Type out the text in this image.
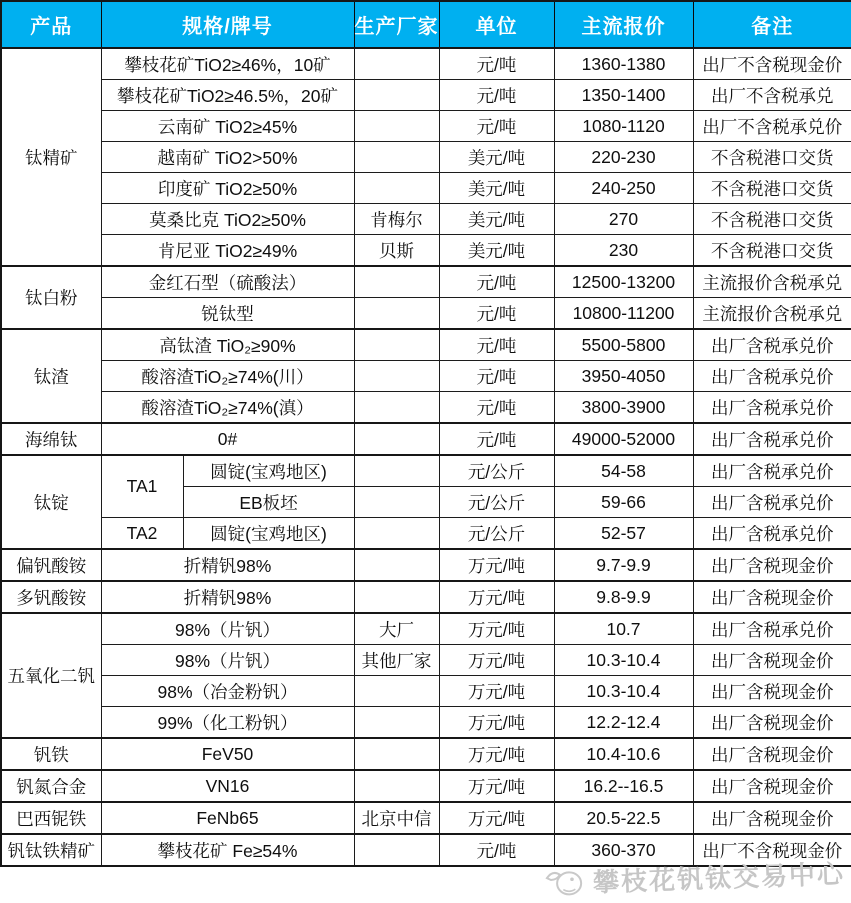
产品	规格/牌号		生产厂家	单位	主流报价	备注
钛精矿	攀枝花矿TiO2≥46%，10矿			元/吨	1360-1380	出厂不含税现金价
	攀枝花矿TiO2≥46.5%，20矿			元/吨	1350-1400	出厂不含税承兑
	云南矿 TiO2≥45%			元/吨	1080-1120	出厂不含税承兑价
	越南矿 TiO2>50%			美元/吨	220-230	不含税港口交货
	印度矿 TiO2≥50%			美元/吨	240-250	不含税港口交货
	莫桑比克 TiO2≥50%		肯梅尔	美元/吨	270	不含税港口交货
	肯尼亚 TiO2≥49%		贝斯	美元/吨	230	不含税港口交货
钛白粉	金红石型（硫酸法）			元/吨	12500-13200	主流报价含税承兑
	锐钛型			元/吨	10800-11200	主流报价含税承兑
钛渣	高钛渣 TiO₂≥90%			元/吨	5500-5800	出厂含税承兑价
	酸溶渣TiO₂≥74%(川）			元/吨	3950-4050	出厂含税承兑价
	酸溶渣TiO₂≥74%(滇）			元/吨	3800-3900	出厂含税承兑价
海绵钛	0#			元/吨	49000-52000	出厂含税承兑价
钛锭	TA1	圆锭(宝鸡地区)		元/公斤	54-58	出厂含税承兑价
		EB板坯		元/公斤	59-66	出厂含税承兑价
	TA2	圆锭(宝鸡地区)		元/公斤	52-57	出厂含税承兑价
偏钒酸铵	折精钒98%			万元/吨	9.7-9.9	出厂含税现金价
多钒酸铵	折精钒98%			万元/吨	9.8-9.9	出厂含税现金价
五氧化二钒	98%（片钒）		大厂	万元/吨	10.7	出厂含税承兑价
	98%（片钒）		其他厂家	万元/吨	10.3-10.4	出厂含税现金价
	98%（冶金粉钒）			万元/吨	10.3-10.4	出厂含税现金价
	99%（化工粉钒）			万元/吨	12.2-12.4	出厂含税现金价
钒铁	FeV50			万元/吨	10.4-10.6	出厂含税现金价
钒氮合金	VN16			万元/吨	16.2--16.5	出厂含税现金价
巴西铌铁	FeNb65		北京中信	万元/吨	20.5-22.5	出厂含税现金价
钒钛铁精矿	攀枝花矿 Fe≥54%			元/吨	360-370	出厂不含税现金价
攀枝花钒钛交易中心
